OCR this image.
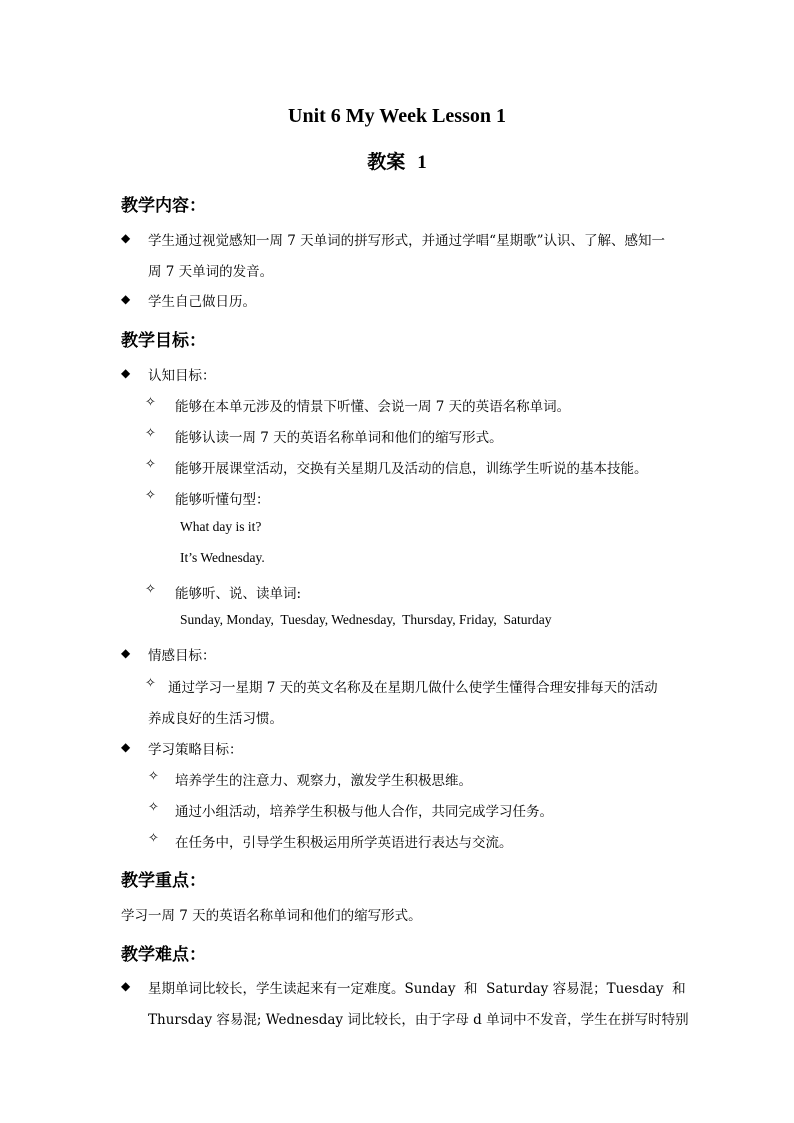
Unit 6 My Week Lesson 1
教案 1
教学内容：
◆ 学生通过视觉感知一周 7 天单词的拼写形式，并通过学唱“星期歌”认识、了解、感知一
周 7 天单词的发音。
◆ 学生自己做日历。
教学目标：
◆ 认知目标：
✧ 能够在本单元涉及的情景下听懂、会说一周 7 天的英语名称单词。
✧ 能够认读一周 7 天的英语名称单词和他们的缩写形式。
✧ 能够开展课堂活动，交换有关星期几及活动的信息，训练学生听说的基本技能。
✧ 能够听懂句型：
What day is it?
It’s Wednesday.
✧ 能够听、说、读单词:
Sunday, Monday,  Tuesday, Wednesday,  Thursday, Friday,  Saturday
◆ 情感目标：
✧ 通过学习一星期 7 天的英文名称及在星期几做什么使学生懂得合理安排每天的活动
养成良好的生活习惯。
◆ 学习策略目标：
✧ 培养学生的注意力、观察力，激发学生积极思维。
✧ 通过小组活动，培养学生积极与他人合作，共同完成学习任务。
✧ 在任务中，引导学生积极运用所学英语进行表达与交流。
教学重点：
学习一周 7 天的英语名称单词和他们的缩写形式。
教学难点：
◆ 星期单词比较长，学生读起来有一定难度。Sunday  和  Saturday 容易混；Tuesday  和
Thursday 容易混; Wednesday 词比较长，由于字母 d 单词中不发音，学生在拼写时特别
